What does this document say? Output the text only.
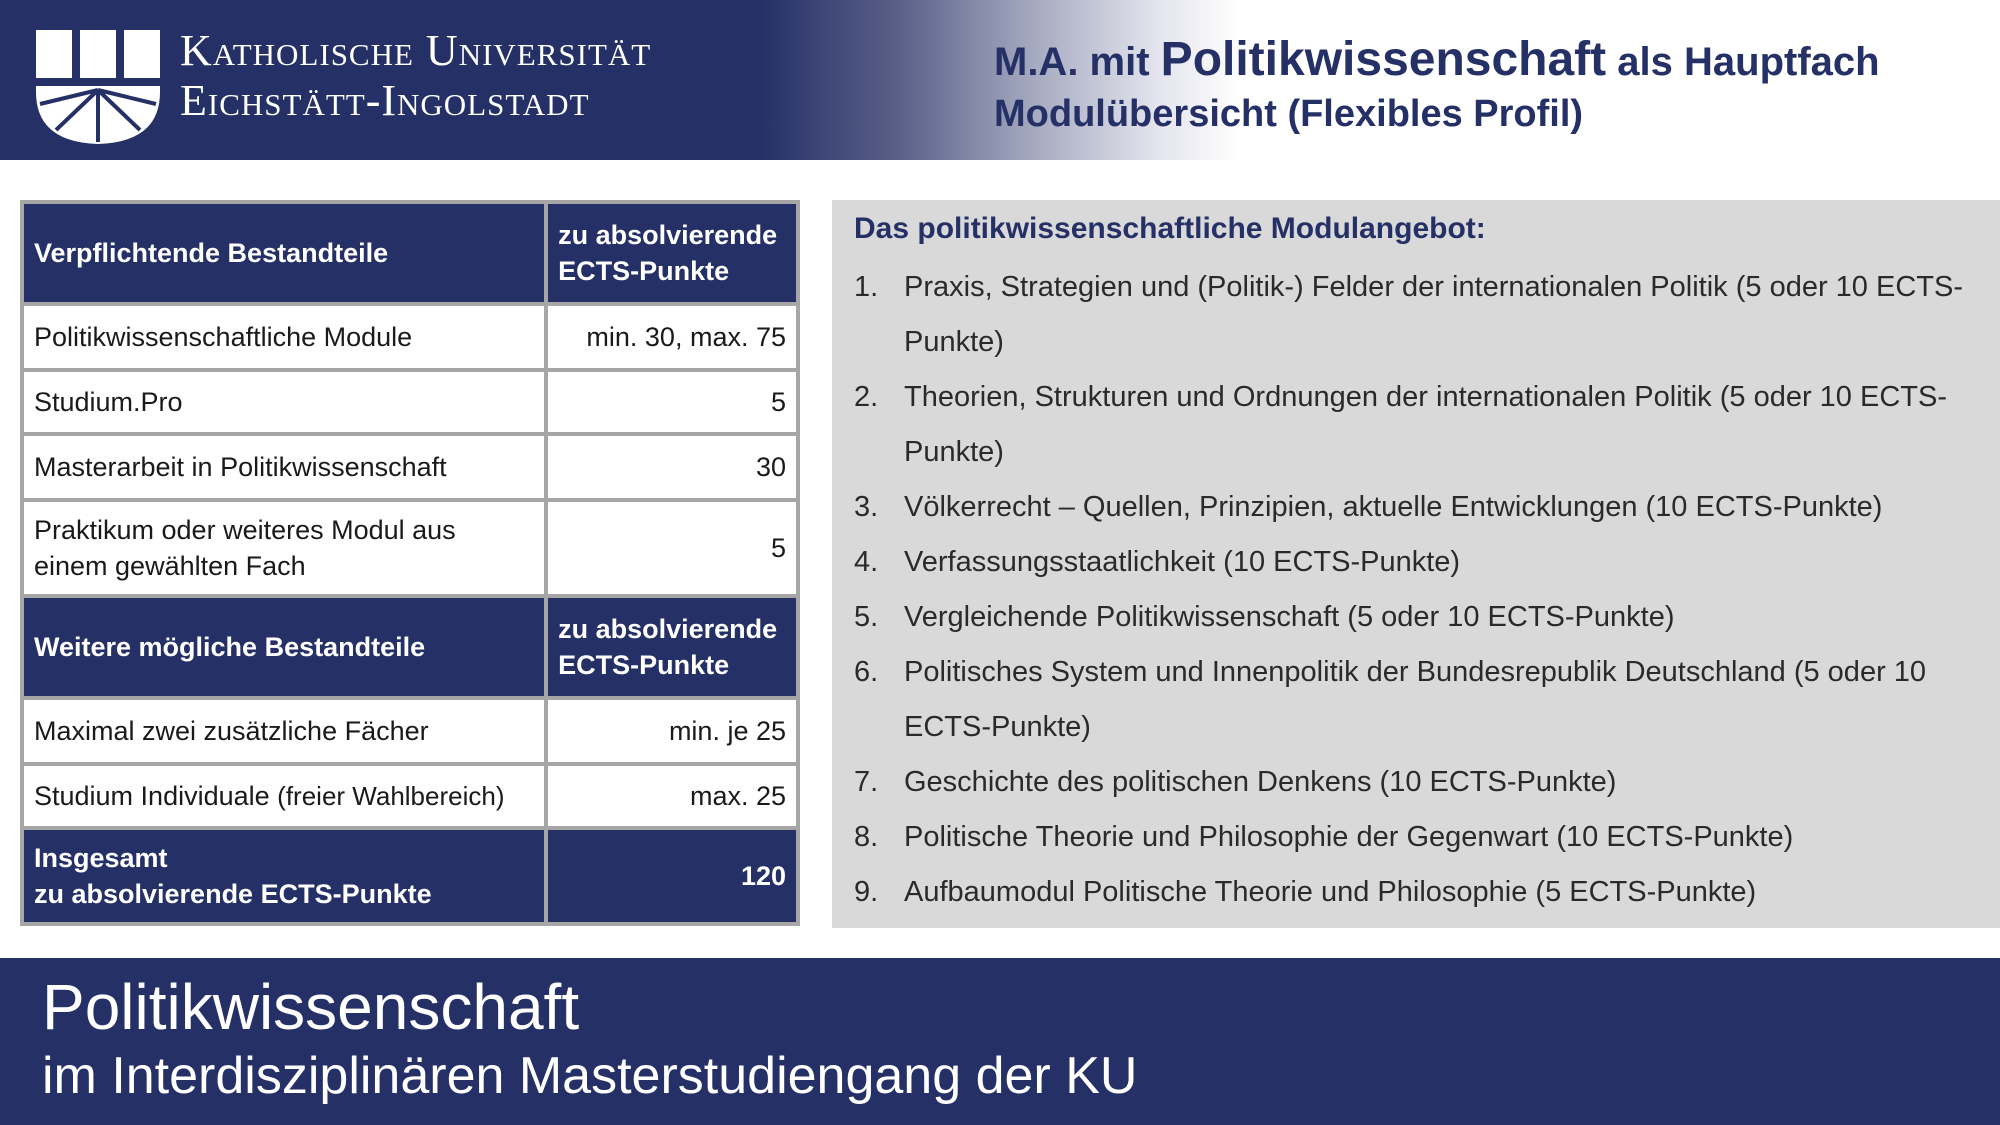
Katholische Universität
Eichstätt-Ingolstadt
M.A. mit Politikwissenschaft als Hauptfach
Modulübersicht (Flexibles Profil)
Verpflichtende Bestandteile	zu absolvierende ECTS-Punkte
Politikwissenschaftliche Module	min. 30, max. 75
Studium.Pro	5
Masterarbeit in Politikwissenschaft	30
Praktikum oder weiteres Modul aus einem gewählten Fach	5
Weitere mögliche Bestandteile	zu absolvierende ECTS-Punkte
Maximal zwei zusätzliche Fächer	min. je 25
Studium Individuale (freier Wahlbereich)	max. 25

Insgesamt
zu absolvierende ECTS-Punkte	120
Das politikwissenschaftliche Modulangebot:
1. Praxis, Strategien und (Politik-) Felder der internationalen Politik (5 oder 10 ECTS-Punkte)
2. Theorien, Strukturen und Ordnungen der internationalen Politik (5 oder 10 ECTS-Punkte)
3. Völkerrecht – Quellen, Prinzipien, aktuelle Entwicklungen (10 ECTS-Punkte)
4. Verfassungsstaatlichkeit (10 ECTS-Punkte)
5. Vergleichende Politikwissenschaft (5 oder 10 ECTS-Punkte)
6. Politisches System und Innenpolitik der Bundesrepublik Deutschland (5 oder 10 ECTS-Punkte)
7. Geschichte des politischen Denkens (10 ECTS-Punkte)
8. Politische Theorie und Philosophie der Gegenwart (10 ECTS-Punkte)
9. Aufbaumodul Politische Theorie und Philosophie (5 ECTS-Punkte)
Politikwissenschaft
im Interdisziplinären Masterstudiengang der KU
